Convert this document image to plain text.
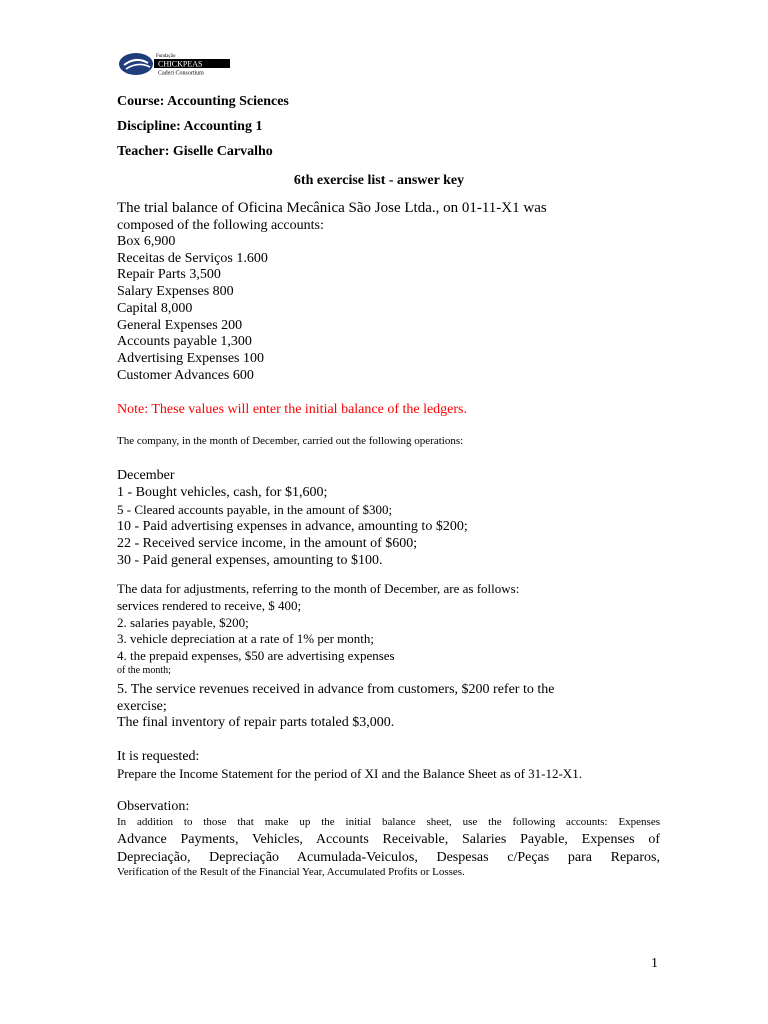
Fundação
CHICKPEAS
Caderi Consortium
Course: Accounting Sciences
Discipline: Accounting 1
Teacher: Giselle Carvalho
6th exercise list - answer key
The trial balance of Oficina Mecânica São Jose Ltda., on 01-11-X1 was
composed of the following accounts:
Box 6,900
Receitas de Serviços 1.600
Repair Parts 3,500
Salary Expenses 800
Capital 8,000
General Expenses 200
Accounts payable 1,300
Advertising Expenses 100
Customer Advances 600
Note: These values will enter the initial balance of the ledgers.
The company, in the month of December, carried out the following operations:
December
1 - Bought vehicles, cash, for $1,600;
5 - Cleared accounts payable, in the amount of $300;
10 - Paid advertising expenses in advance, amounting to $200;
22 - Received service income, in the amount of $600;
30 - Paid general expenses, amounting to $100.
The data for adjustments, referring to the month of December, are as follows:
services rendered to receive, $ 400;
2. salaries payable, $200;
3. vehicle depreciation at a rate of 1% per month;
4. the prepaid expenses, $50 are advertising expenses
of the month;
5. The service revenues received in advance from customers, $200 refer to the
exercise;
The final inventory of repair parts totaled $3,000.
It is requested:
Prepare the Income Statement for the period of XI and the Balance Sheet as of 31-12-X1.
Observation:
In addition to those that make up the initial balance sheet, use the following accounts: Expenses
Advance Payments, Vehicles, Accounts Receivable, Salaries Payable, Expenses of
Depreciação, Depreciação Acumulada-Veiculos, Despesas c/Peças para Reparos,
Verification of the Result of the Financial Year, Accumulated Profits or Losses.
1
